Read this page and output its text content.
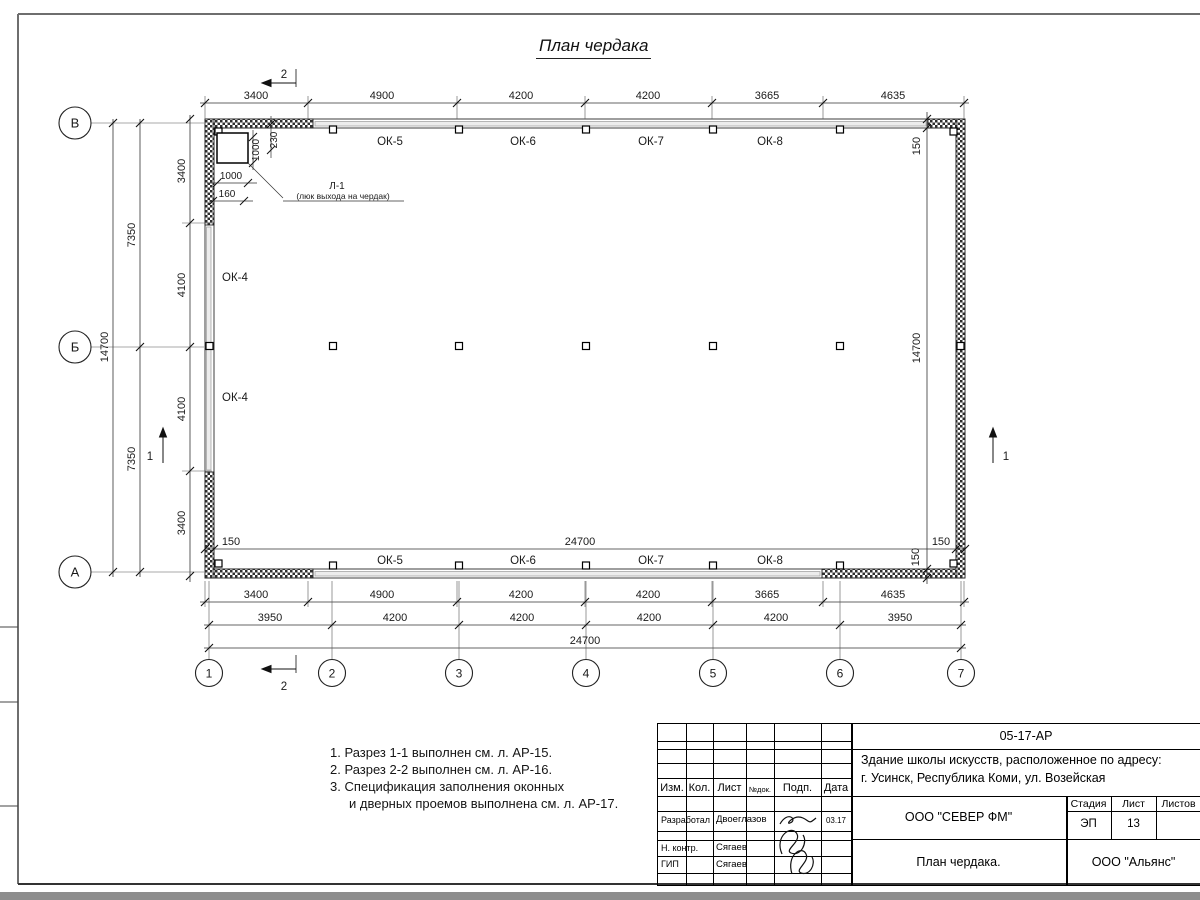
1000 230
1000
160
Л-1
(люк выхода на чердак)
3400	4900	4200	4200	3665	4635
3400
4100
4100
3400
7350
7350
14700
150
14700
150
150	24700	150
3400	4900	4200	4200	3665	4635
3950	4200	4200	4200	4200	3950
24700
ОК-5	ОК-6	ОК-7	ОК-8
ОК-5	ОК-6	ОК-7	ОК-8
ОК-4
ОК-4
В
Б
А
1	2	3	4	5	6	7
2
2
1	1
План чердака
1. Разрез 1-1 выполнен см. л. АР-15.
2. Разрез 2-2 выполнен см. л. АР-16.
3. Спецификация заполнения оконных
и дверных проемов выполнена см. л. АР-17.
Изм. Кол. Лист	№док.	Подп.	Дата
Разработал Двоеглазов	03.17
Н. контр. Сягаев
ГИП	Сягаев
05-17-АР
Здание школы искусств, расположенное по адресу:
г. Усинск, Республика Коми, ул. Возейская
ООО "СЕВЕР ФМ"
Стадия	Лист	Листов
ЭП	13
План чердака.	ООО "Альянс"
